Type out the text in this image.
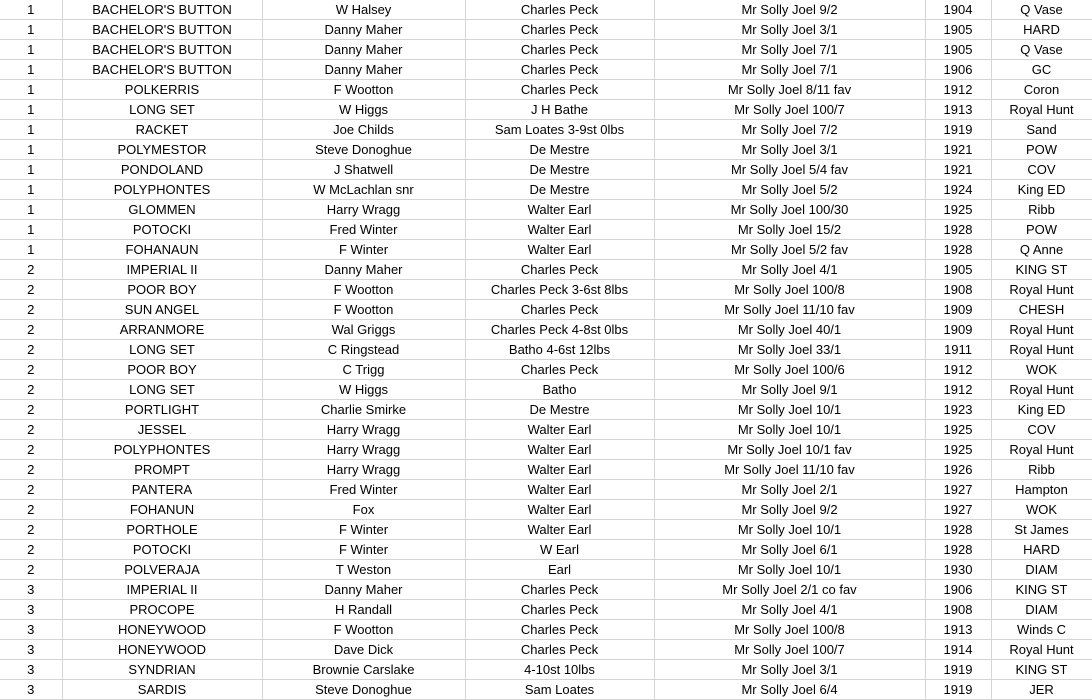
1	BACHELOR'S BUTTON	W Halsey	Charles Peck	Mr Solly Joel 9/2	1904	Q Vase
1	BACHELOR'S BUTTON	Danny Maher	Charles Peck	Mr Solly Joel 3/1	1905	HARD
1	BACHELOR'S BUTTON	Danny Maher	Charles Peck	Mr Solly Joel 7/1	1905	Q Vase
1	BACHELOR'S BUTTON	Danny Maher	Charles Peck	Mr Solly Joel 7/1	1906	GC
1	POLKERRIS	F Wootton	Charles Peck	Mr Solly Joel 8/11 fav	1912	Coron
1	LONG SET	W Higgs	J H Bathe	Mr Solly Joel 100/7	1913	Royal Hunt
1	RACKET	Joe Childs	Sam Loates 3-9st 0lbs	Mr Solly Joel 7/2	1919	Sand
1	POLYMESTOR	Steve Donoghue	De Mestre	Mr Solly Joel 3/1	1921	POW
1	PONDOLAND	J Shatwell	De Mestre	Mr Solly Joel 5/4 fav	1921	COV
1	POLYPHONTES	W McLachlan snr	De Mestre	Mr Solly Joel 5/2	1924	King ED
1	GLOMMEN	Harry Wragg	Walter Earl	Mr Solly Joel 100/30	1925	Ribb
1	POTOCKI	Fred Winter	Walter Earl	Mr Solly Joel 15/2	1928	POW
1	FOHANAUN	F Winter	Walter Earl	Mr Solly Joel 5/2 fav	1928	Q Anne
2	IMPERIAL II	Danny Maher	Charles Peck	Mr Solly Joel 4/1	1905	KING ST
2	POOR BOY	F Wootton	Charles Peck 3-6st 8lbs	Mr Solly Joel 100/8	1908	Royal Hunt
2	SUN ANGEL	F Wootton	Charles Peck	Mr Solly Joel 11/10 fav	1909	CHESH
2	ARRANMORE	Wal Griggs	Charles Peck 4-8st 0lbs	Mr Solly Joel 40/1	1909	Royal Hunt
2	LONG SET	C Ringstead	Batho 4-6st 12lbs	Mr Solly Joel 33/1	1911	Royal Hunt
2	POOR BOY	C Trigg	Charles Peck	Mr Solly Joel 100/6	1912	WOK
2	LONG SET	W Higgs	Batho	Mr Solly Joel 9/1	1912	Royal Hunt
2	PORTLIGHT	Charlie Smirke	De Mestre	Mr Solly Joel 10/1	1923	King ED
2	JESSEL	Harry Wragg	Walter Earl	Mr Solly Joel 10/1	1925	COV
2	POLYPHONTES	Harry Wragg	Walter Earl	Mr Solly Joel 10/1 fav	1925	Royal Hunt
2	PROMPT	Harry Wragg	Walter Earl	Mr Solly Joel 11/10 fav	1926	Ribb
2	PANTERA	Fred Winter	Walter Earl	Mr Solly Joel 2/1	1927	Hampton
2	FOHANUN	Fox	Walter Earl	Mr Solly Joel 9/2	1927	WOK
2	PORTHOLE	F Winter	Walter Earl	Mr Solly Joel 10/1	1928	St James
2	POTOCKI	F Winter	W Earl	Mr Solly Joel 6/1	1928	HARD
2	POLVERAJA	T Weston	Earl	Mr Solly Joel 10/1	1930	DIAM
3	IMPERIAL II	Danny Maher	Charles Peck	Mr Solly Joel 2/1 co fav	1906	KING ST
3	PROCOPE	H Randall	Charles Peck	Mr Solly Joel 4/1	1908	DIAM
3	HONEYWOOD	F Wootton	Charles Peck	Mr Solly Joel 100/8	1913	Winds C
3	HONEYWOOD	Dave Dick	Charles Peck	Mr Solly Joel 100/7	1914	Royal Hunt
3	SYNDRIAN	Brownie Carslake	4-10st 10lbs	Mr Solly Joel 3/1	1919	KING ST
3	SARDIS	Steve Donoghue	Sam Loates	Mr Solly Joel 6/4	1919	JER
